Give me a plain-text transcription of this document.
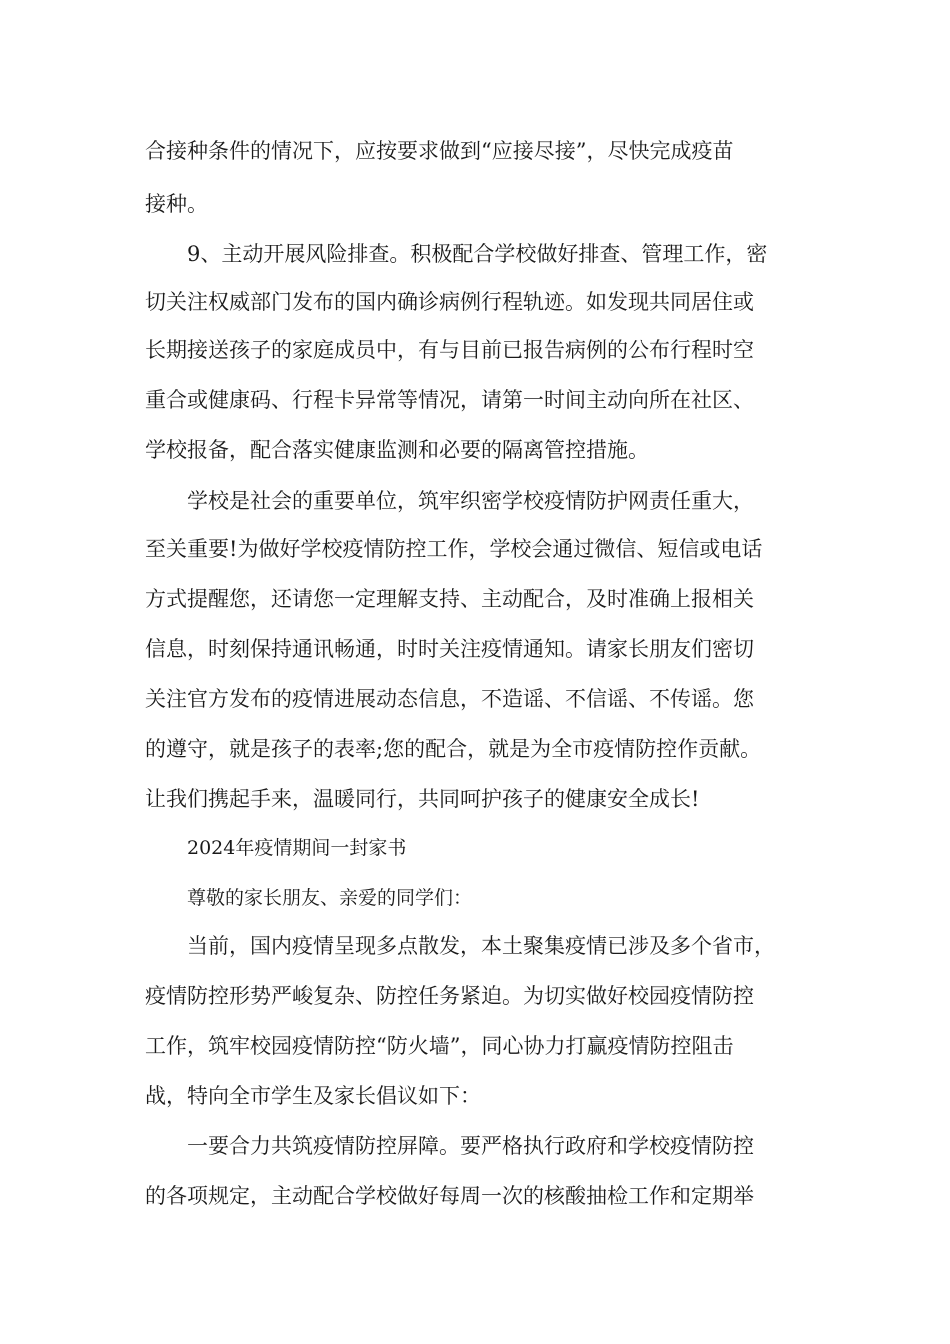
合接种条件的情况下，应按要求做到“应接尽接”，尽快完成疫苗
接种。
9、主动开展风险排查。积极配合学校做好排查、管理工作，密
切关注权威部门发布的国内确诊病例行程轨迹。如发现共同居住或
长期接送孩子的家庭成员中，有与目前已报告病例的公布行程时空
重合或健康码、行程卡异常等情况，请第一时间主动向所在社区、
学校报备，配合落实健康监测和必要的隔离管控措施。
学校是社会的重要单位，筑牢织密学校疫情防护网责任重大，
至关重要!为做好学校疫情防控工作，学校会通过微信、短信或电话
方式提醒您，还请您一定理解支持、主动配合，及时准确上报相关
信息，时刻保持通讯畅通，时时关注疫情通知。请家长朋友们密切
关注官方发布的疫情进展动态信息，不造谣、不信谣、不传谣。您
的遵守，就是孩子的表率;您的配合，就是为全市疫情防控作贡献。
让我们携起手来，温暖同行，共同呵护孩子的健康安全成长!
2024年疫情期间一封家书
尊敬的家长朋友、亲爱的同学们：
当前，国内疫情呈现多点散发，本土聚集疫情已涉及多个省市，
疫情防控形势严峻复杂、防控任务紧迫。为切实做好校园疫情防控
工作，筑牢校园疫情防控“防火墙”，同心协力打赢疫情防控阻击
战，特向全市学生及家长倡议如下：
一要合力共筑疫情防控屏障。要严格执行政府和学校疫情防控
的各项规定，主动配合学校做好每周一次的核酸抽检工作和定期举
